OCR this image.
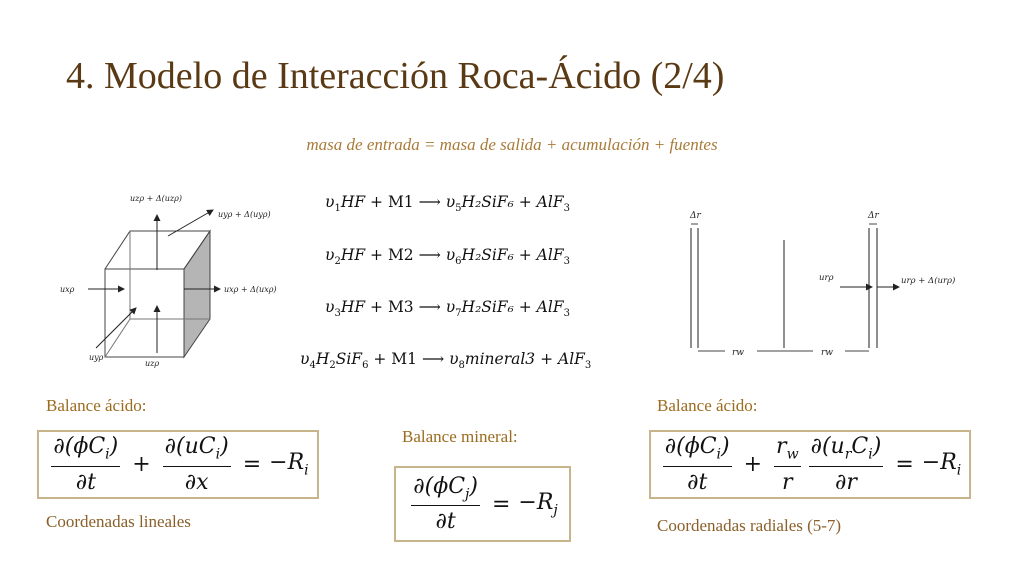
4. Modelo de Interacción Roca-Ácido (2/4)
masa de entrada = masa de salida + acumulación + fuentes
uzρ + Δ(uzρ)
uyρ + Δ(uyρ)
uxρ	uxρ + Δ(uxρ)
uyρ
uzρ
$\upsilon_1HF + M1$ ⟶ $\upsilon_5H_2SiF_6 + AlF_3$
$\upsilon_2HF + M2$ ⟶ $\upsilon_6H_2SiF_6 + AlF_3$
$\upsilon_3HF + M3$ ⟶ $\upsilon_7H_2SiF_6 + AlF_3$
$\upsilon_4H_2SiF_6 + M1$ ⟶ $\upsilon_8mineral3 + AlF_3$
Δr	Δr
urρ	urρ + Δ(urρ)
rw	rw
Balance ácido:
$\frac{\partial(\phi C_i)}{\partial t} + \frac{\partial(uC_i)}{\partial x} = -R_i$
Coordenadas lineales
Balance mineral:
$\frac{\partial(\phi C_j)}{\partial t} = -R_j$
Balance ácido:
$\frac{\partial(\phi C_i)}{\partial t} + \frac{r_w}{r} \frac{\partial(u_rC_i)}{\partial r} = -R_i$
Coordenadas radiales (5-7)
